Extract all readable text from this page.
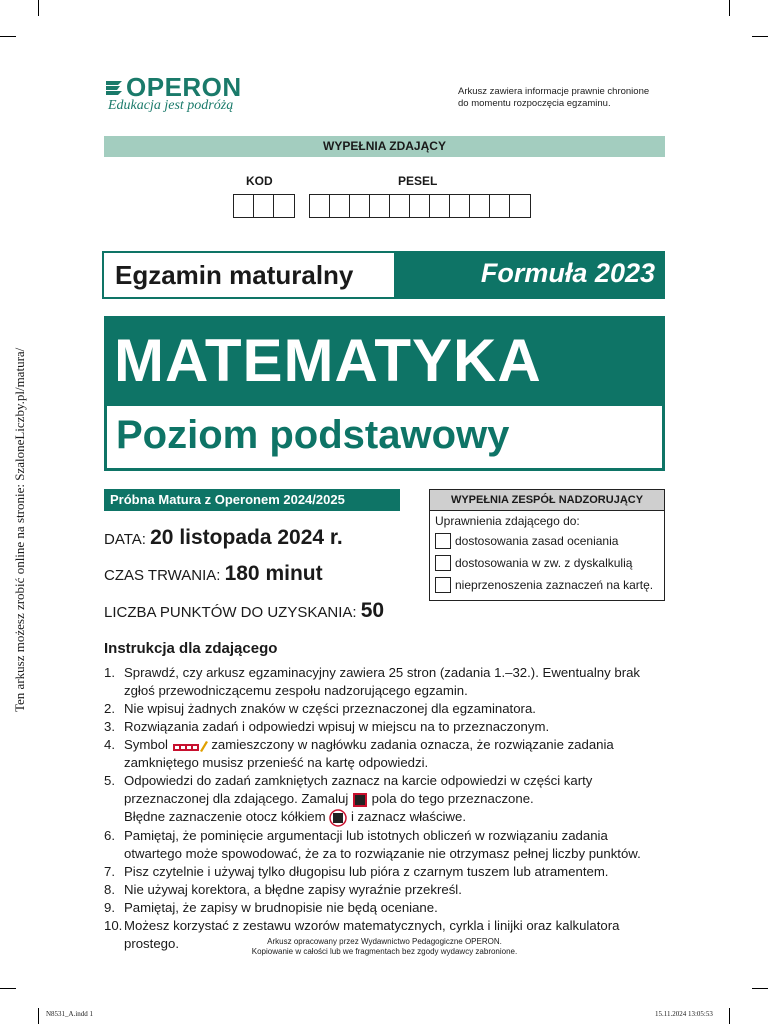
Ten arkusz możesz zrobić online na stronie: SzaloneLiczby.pl/matura/
OPERON
Edukacja jest podróżą
Arkusz zawiera informacje prawnie chronione
do momentu rozpoczęcia egzaminu.
WYPEŁNIA ZDAJĄCY
KOD	PESEL
Egzamin maturalny	Formuła 2023
MATEMATYKA
Poziom podstawowy
Próbna Matura z Operonem 2024/2025
DATA: 20 listopada 2024 r.
CZAS TRWANIA: 180 minut
LICZBA PUNKTÓW DO UZYSKANIA: 50
WYPEŁNIA ZESPÓŁ NADZORUJĄCY
Uprawnienia zdającego do:
dostosowania zasad oceniania
dostosowania w zw. z dyskalkulią
nieprzenoszenia zaznaczeń na kartę.
Instrukcja dla zdającego
1. Sprawdź, czy arkusz egzaminacyjny zawiera 25 stron (zadania 1.–32.). Ewentualny brak
zgłoś przewodniczącemu zespołu nadzorującego egzamin.
2. Nie wpisuj żadnych znaków w części przeznaczonej dla egzaminatora.
3. Rozwiązania zadań i odpowiedzi wpisuj w miejscu na to przeznaczonym.
4. Symbol	zamieszczony w nagłówku zadania oznacza, że rozwiązanie zadania
zamkniętego musisz przenieść na kartę odpowiedzi.
5. Odpowiedzi do zadań zamkniętych zaznacz na karcie odpowiedzi w części karty
przeznaczonej dla zdającego. Zamaluj pola do tego przeznaczone.
Błędne zaznaczenie otocz kółkiem i zaznacz właściwe.
6. Pamiętaj, że pominięcie argumentacji lub istotnych obliczeń w rozwiązaniu zadania
otwartego może spowodować, że za to rozwiązanie nie otrzymasz pełnej liczby punktów.
7. Pisz czytelnie i używaj tylko długopisu lub pióra z czarnym tuszem lub atramentem.
8. Nie używaj korektora, a błędne zapisy wyraźnie przekreśl.
9. Pamiętaj, że zapisy w brudnopisie nie będą oceniane.
10. Możesz korzystać z zestawu wzorów matematycznych, cyrkla i linijki oraz kalkulatora prostego.	Arkusz opracowany przez Wydawnictwo Pedagogiczne OPERON.
Kopiowanie w całości lub we fragmentach bez zgody wydawcy zabronione.
N8531_A.indd 1	15.11.2024 13:05:53
